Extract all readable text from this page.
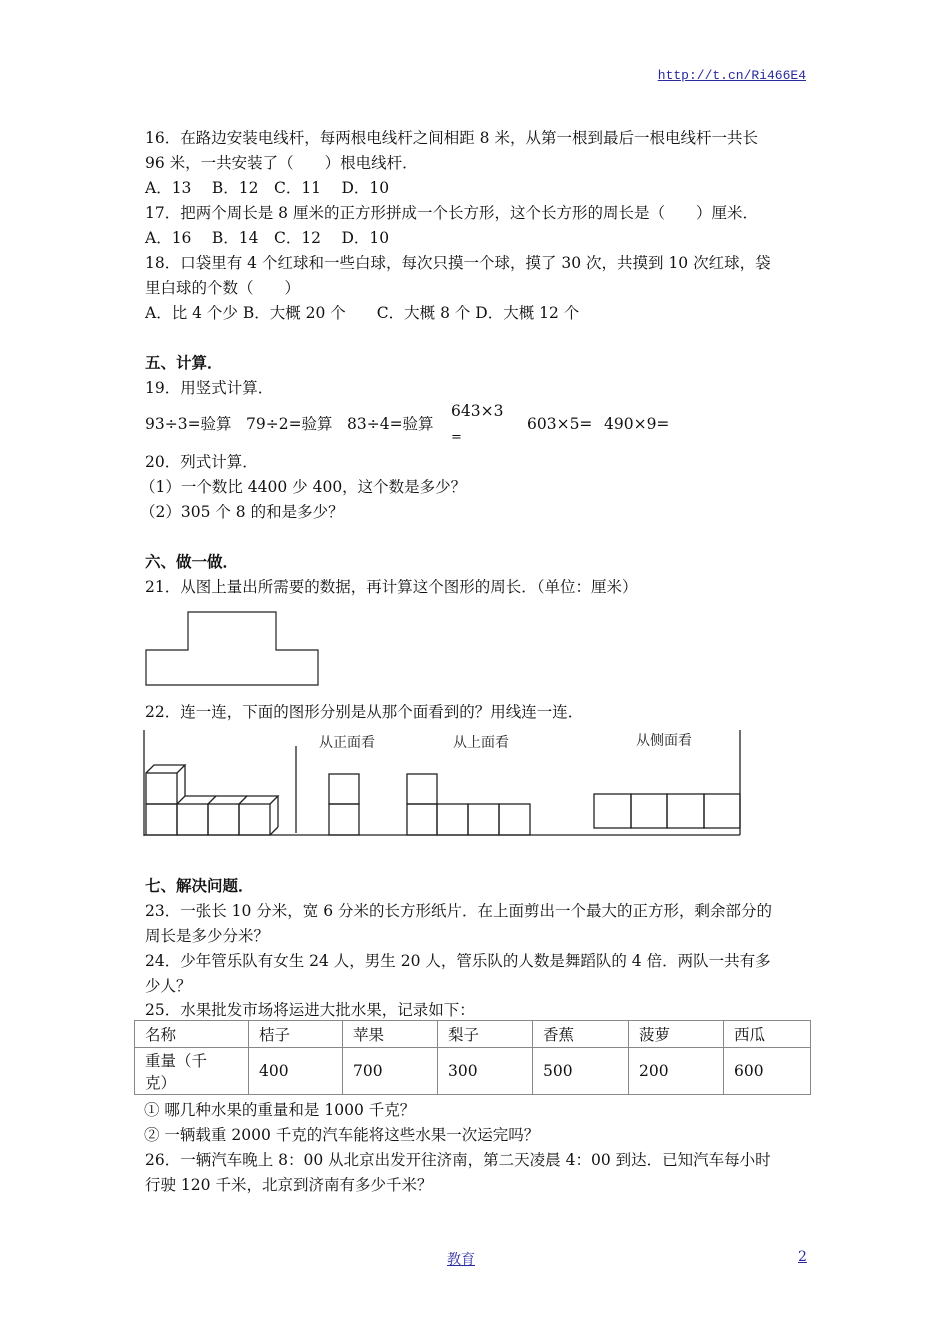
http://t.cn/Ri466E4
16．在路边安装电线杆，每两根电线杆之间相距 8 米，从第一根到最后一根电线杆一共长
96 米，一共安装了（　　）根电线杆．
A．13　 B．12　C．11　 D．10
17．把两个周长是 8 厘米的正方形拼成一个长方形，这个长方形的周长是（　　）厘米．
A．16　 B．14　C．12　 D．10
18．口袋里有 4 个红球和一些白球，每次只摸一个球，摸了 30 次，共摸到 10 次红球，袋
里白球的个数（　　）
A．比 4 个少 B．大概 20 个　　C．大概 8 个 D．大概 12 个
五、计算．
19．用竖式计算．
93÷3=验算 79÷2=验算 83÷4=验算
643×3
=
603×5= 490×9=
20．列式计算．
（1）一个数比 4400 少 400，这个数是多少？
（2）305 个 8 的和是多少？
六、做一做．
21．从图上量出所需要的数据，再计算这个图形的周长．（单位：厘米）
22．连一连，下面的图形分别是从那个面看到的？用线连一连．
从正面看	从上面看	从侧面看
七、解决问题．
23．一张长 10 分米，宽 6 分米的长方形纸片．在上面剪出一个最大的正方形，剩余部分的
周长是多少分米？
24．少年管乐队有女生 24 人，男生 20 人，管乐队的人数是舞蹈队的 4 倍．两队一共有多
少人？
25．水果批发市场将运进大批水果，记录如下：
名称	桔子	苹果	梨子	香蕉	菠萝	西瓜
重量（千
克）	400	700	300	500	200	600
① 哪几种水果的重量和是 1000 千克？
② 一辆载重 2000 千克的汽车能将这些水果一次运完吗？
26．一辆汽车晚上 8：00 从北京出发开往济南，第二天凌晨 4：00 到达．已知汽车每小时
行驶 120 千米，北京到济南有多少千米？
教育	2
